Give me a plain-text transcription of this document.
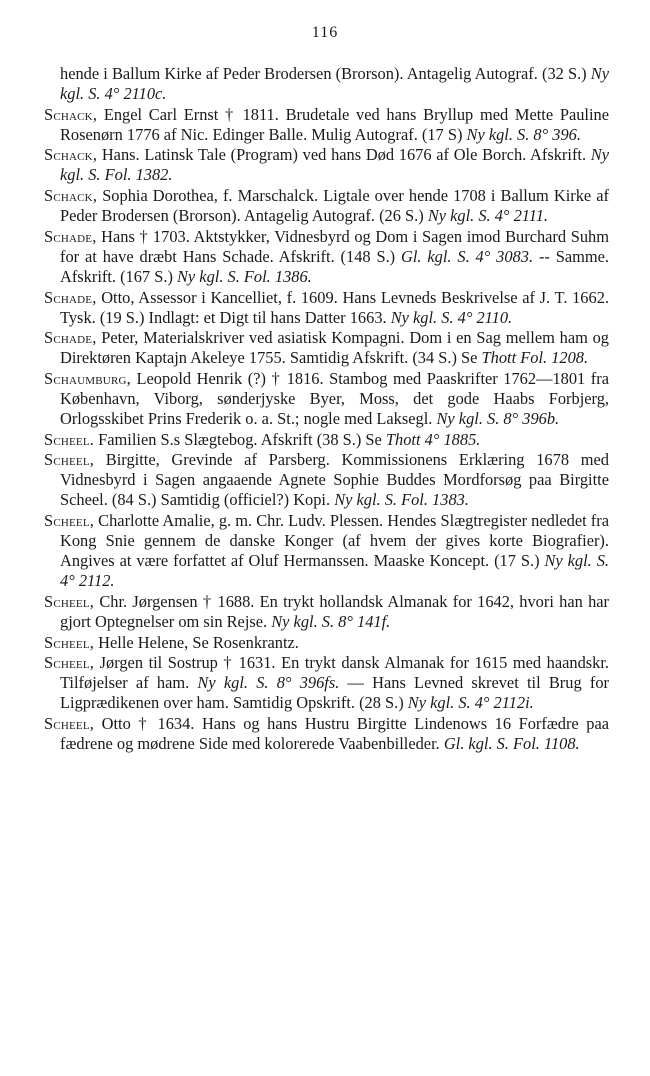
116

hende i Ballum Kirke af Peder Brodersen (Brorson). Antagelig Autograf. (32 S.) Ny kgl. S. 4° 2110c.

Schack, Engel Carl Ernst † 1811. Brudetale ved hans Bryllup med Mette Pauline Rosenørn 1776 af Nic. Edinger Balle. Mulig Autograf. (17 S) Ny kgl. S. 8° 396.

Schack, Hans. Latinsk Tale (Program) ved hans Død 1676 af Ole Borch. Afskrift. Ny kgl. S. Fol. 1382.

Schack, Sophia Dorothea, f. Marschalck. Ligtale over hende 1708 i Ballum Kirke af Peder Brodersen (Brorson). Antagelig Autograf. (26 S.) Ny kgl. S. 4° 2111.

Schade, Hans † 1703. Aktstykker, Vidnesbyrd og Dom i Sagen imod Burchard Suhm for at have dræbt Hans Schade. Afskrift. (148 S.) Gl. kgl. S. 4° 3083. -- Samme. Afskrift. (167 S.) Ny kgl. S. Fol. 1386.

Schade, Otto, Assessor i Kancelliet, f. 1609. Hans Levneds Beskrivelse af J. T. 1662. Tysk. (19 S.) Indlagt: et Digt til hans Datter 1663. Ny kgl. S. 4° 2110.

Schade, Peter, Materialskriver ved asiatisk Kompagni. Dom i en Sag mellem ham og Direktøren Kaptajn Akeleye 1755. Samtidig Afskrift. (34 S.) Se Thott Fol. 1208.

Schaumburg, Leopold Henrik (?) † 1816. Stambog med Paaskrifter 1762—1801 fra København, Viborg, sønderjyske Byer, Moss, det gode Haabs Forbjerg, Orlogsskibet Prins Frederik o. a. St.; nogle med Laksegl. Ny kgl. S. 8° 396b.

Scheel. Familien S.s Slægtebog. Afskrift (38 S.) Se Thott 4° 1885.

Scheel, Birgitte, Grevinde af Parsberg. Kommissionens Erklæring 1678 med Vidnesbyrd i Sagen angaaende Agnete Sophie Buddes Mordforsøg paa Birgitte Scheel. (84 S.) Samtidig (officiel?) Kopi. Ny kgl. S. Fol. 1383.

Scheel, Charlotte Amalie, g. m. Chr. Ludv. Plessen. Hendes Slægtregister nedledet fra Kong Snie gennem de danske Konger (af hvem der gives korte Biografier). Angives at være forfattet af Oluf Hermanssen. Maaske Koncept. (17 S.) Ny kgl. S. 4° 2112.

Scheel, Chr. Jørgensen † 1688. En trykt hollandsk Almanak for 1642, hvori han har gjort Optegnelser om sin Rejse. Ny kgl. S. 8° 141f.

Scheel, Helle Helene, Se Rosenkrantz.

Scheel, Jørgen til Sostrup † 1631. En trykt dansk Almanak for 1615 med haandskr. Tilføjelser af ham. Ny kgl. S. 8° 396fs. — Hans Levned skrevet til Brug for Ligprædikenen over ham. Samtidig Opskrift. (28 S.) Ny kgl. S. 4° 2112i.

Scheel, Otto † 1634. Hans og hans Hustru Birgitte Lindenows 16 Forfædre paa fædrene og mødrene Side med kolorerede Vaabenbilleder. Gl. kgl. S. Fol. 1108.
